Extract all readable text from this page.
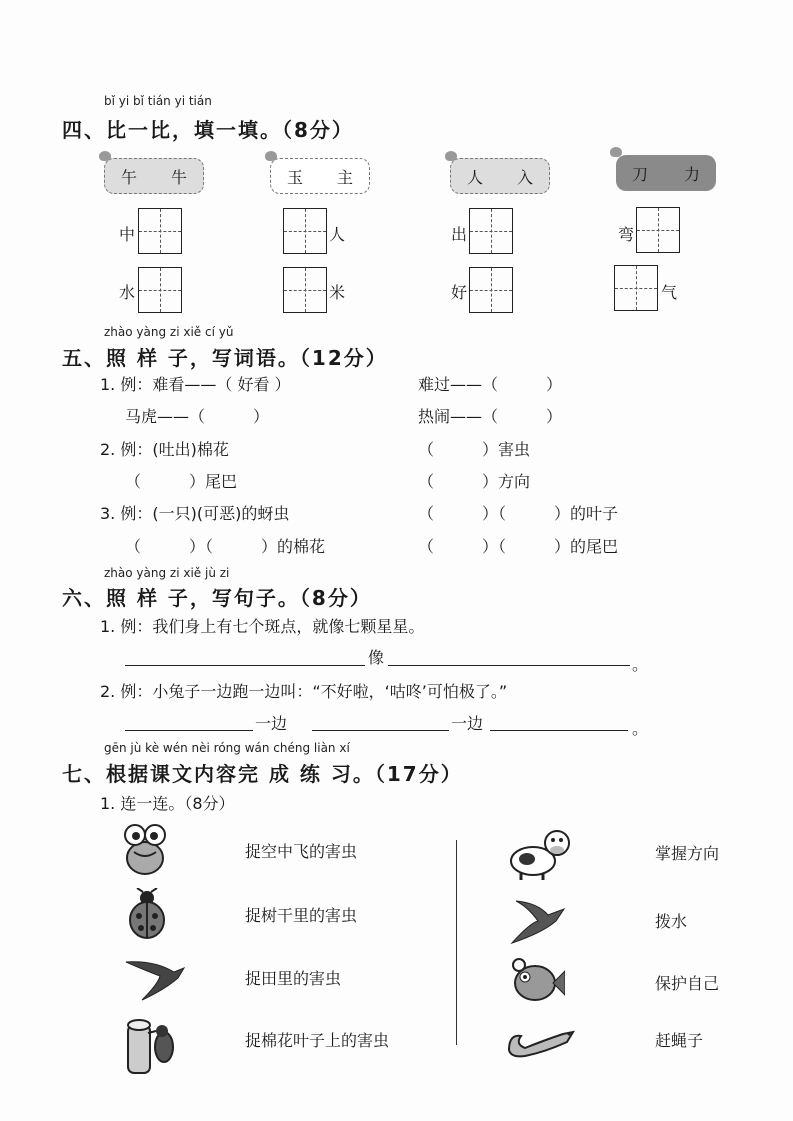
bǐ yi bǐ tián yi tián
四、比一比，填一填。（8分）
午 牛	玉 主	人 入	刀 力
中	人	出	弯
水	米	好	气
zhào yàng zi xiě cí yǔ
五、照 样 子，写词语。（12分）
1. 例：难看——（ 好看 ）	难过——（　　　）
马虎——（　　　）	热闹——（　　　）
2. 例：(吐出)棉花	（　　　）害虫
（　　　）尾巴	（　　　）方向
3. 例：(一只)(可恶)的蚜虫	（　　　）（　　　）的叶子
（　　　）（　　　）的棉花	（　　　）（　　　）的尾巴
zhào yàng zi xiě jù zi
六、照 样 子，写句子。（8分）
1. 例：我们身上有七个斑点，就像七颗星星。
像	。
2. 例：小兔子一边跑一边叫：“不好啦，‘咕咚’可怕极了。”
一边	一边	。
gēn jù kè wén nèi róng wán chéng liàn xí
七、根据课文内容完 成 练 习。（17分）
1. 连一连。（8分）
捉空中飞的害虫
捉树干里的害虫
捉田里的害虫
捉棉花叶子上的害虫
掌握方向
拨水
保护自己
赶蝇子
